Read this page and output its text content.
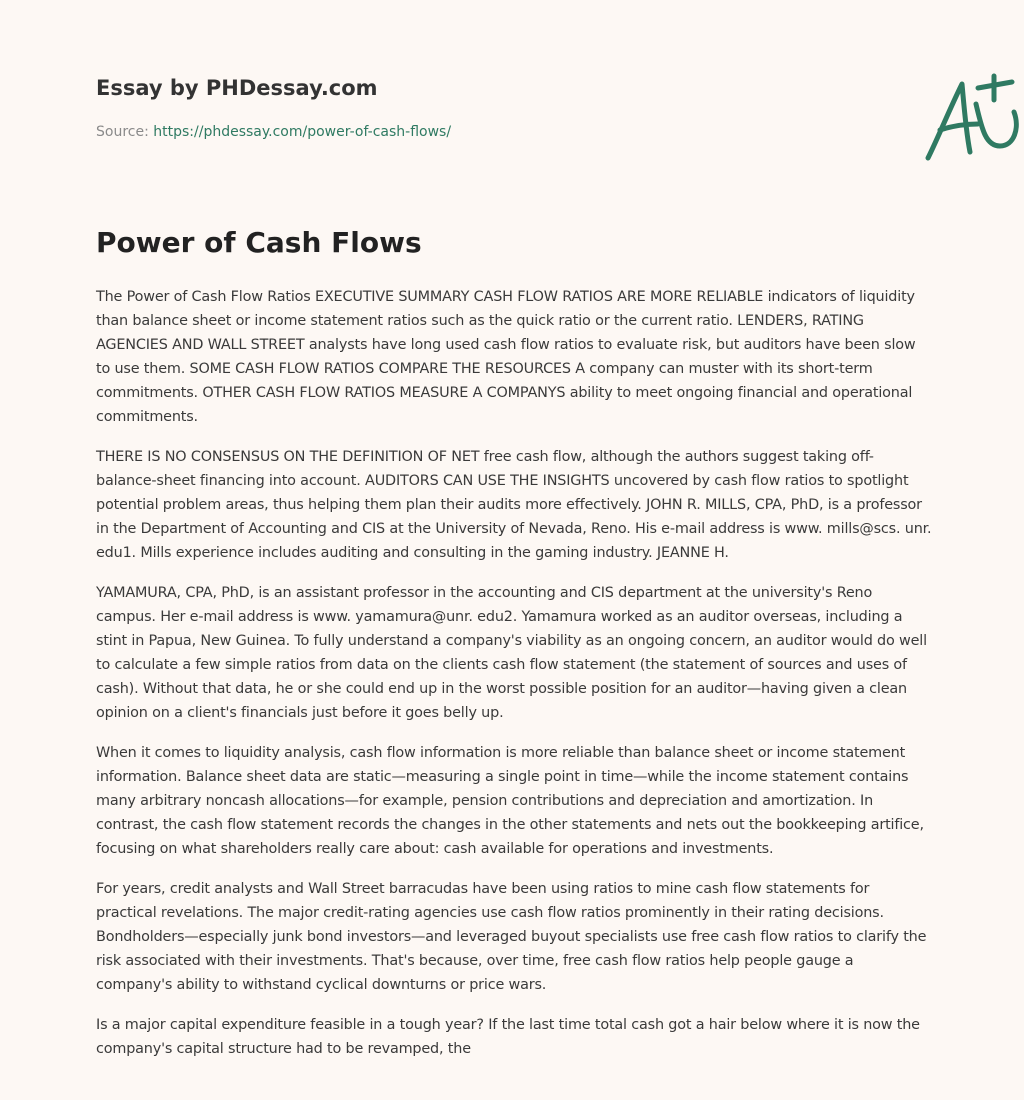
Essay by PHDessay.com
Source: https://phdessay.com/power-of-cash-flows/
Power of Cash Flows

The Power of Cash Flow Ratios EXECUTIVE SUMMARY CASH FLOW RATIOS ARE MORE RELIABLE indicators of liquidity than balance sheet or income statement ratios such as the quick ratio or the current ratio. LENDERS, RATING AGENCIES AND WALL STREET analysts have long used cash flow ratios to evaluate risk, but auditors have been slow to use them. SOME CASH FLOW RATIOS COMPARE THE RESOURCES A company can muster with its short-term commitments. OTHER CASH FLOW RATIOS MEASURE A COMPANYS ability to meet ongoing financial and operational commitments.

THERE IS NO CONSENSUS ON THE DEFINITION OF NET free cash flow, although the authors suggest taking off-balance-sheet financing into account. AUDITORS CAN USE THE INSIGHTS uncovered by cash flow ratios to spotlight potential problem areas, thus helping them plan their audits more effectively. JOHN R. MILLS, CPA, PhD, is a professor in the Department of Accounting and CIS at the University of Nevada, Reno. His e-mail address is www. mills@scs. unr. edu1. Mills experience includes auditing and consulting in the gaming industry. JEANNE H.

YAMAMURA, CPA, PhD, is an assistant professor in the accounting and CIS department at the university's Reno campus. Her e-mail address is www. yamamura@unr. edu2. Yamamura worked as an auditor overseas, including a stint in Papua, New Guinea. To fully understand a company's viability as an ongoing concern, an auditor would do well to calculate a few simple ratios from data on the clients cash flow statement (the statement of sources and uses of cash). Without that data, he or she could end up in the worst possible position for an auditor—having given a clean opinion on a client's financials just before it goes belly up.

When it comes to liquidity analysis, cash flow information is more reliable than balance sheet or income statement information. Balance sheet data are static—measuring a single point in time—while the income statement contains many arbitrary noncash allocations—for example, pension contributions and depreciation and amortization. In contrast, the cash flow statement records the changes in the other statements and nets out the bookkeeping artifice, focusing on what shareholders really care about: cash available for operations and investments.

For years, credit analysts and Wall Street barracudas have been using ratios to mine cash flow statements for practical revelations. The major credit-rating agencies use cash flow ratios prominently in their rating decisions. Bondholders—especially junk bond investors—and leveraged buyout specialists use free cash flow ratios to clarify the risk associated with their investments. That's because, over time, free cash flow ratios help people gauge a company's ability to withstand cyclical downturns or price wars.

Is a major capital expenditure feasible in a tough year? If the last time total cash got a hair below where it is now the company's capital structure had to be revamped, the
